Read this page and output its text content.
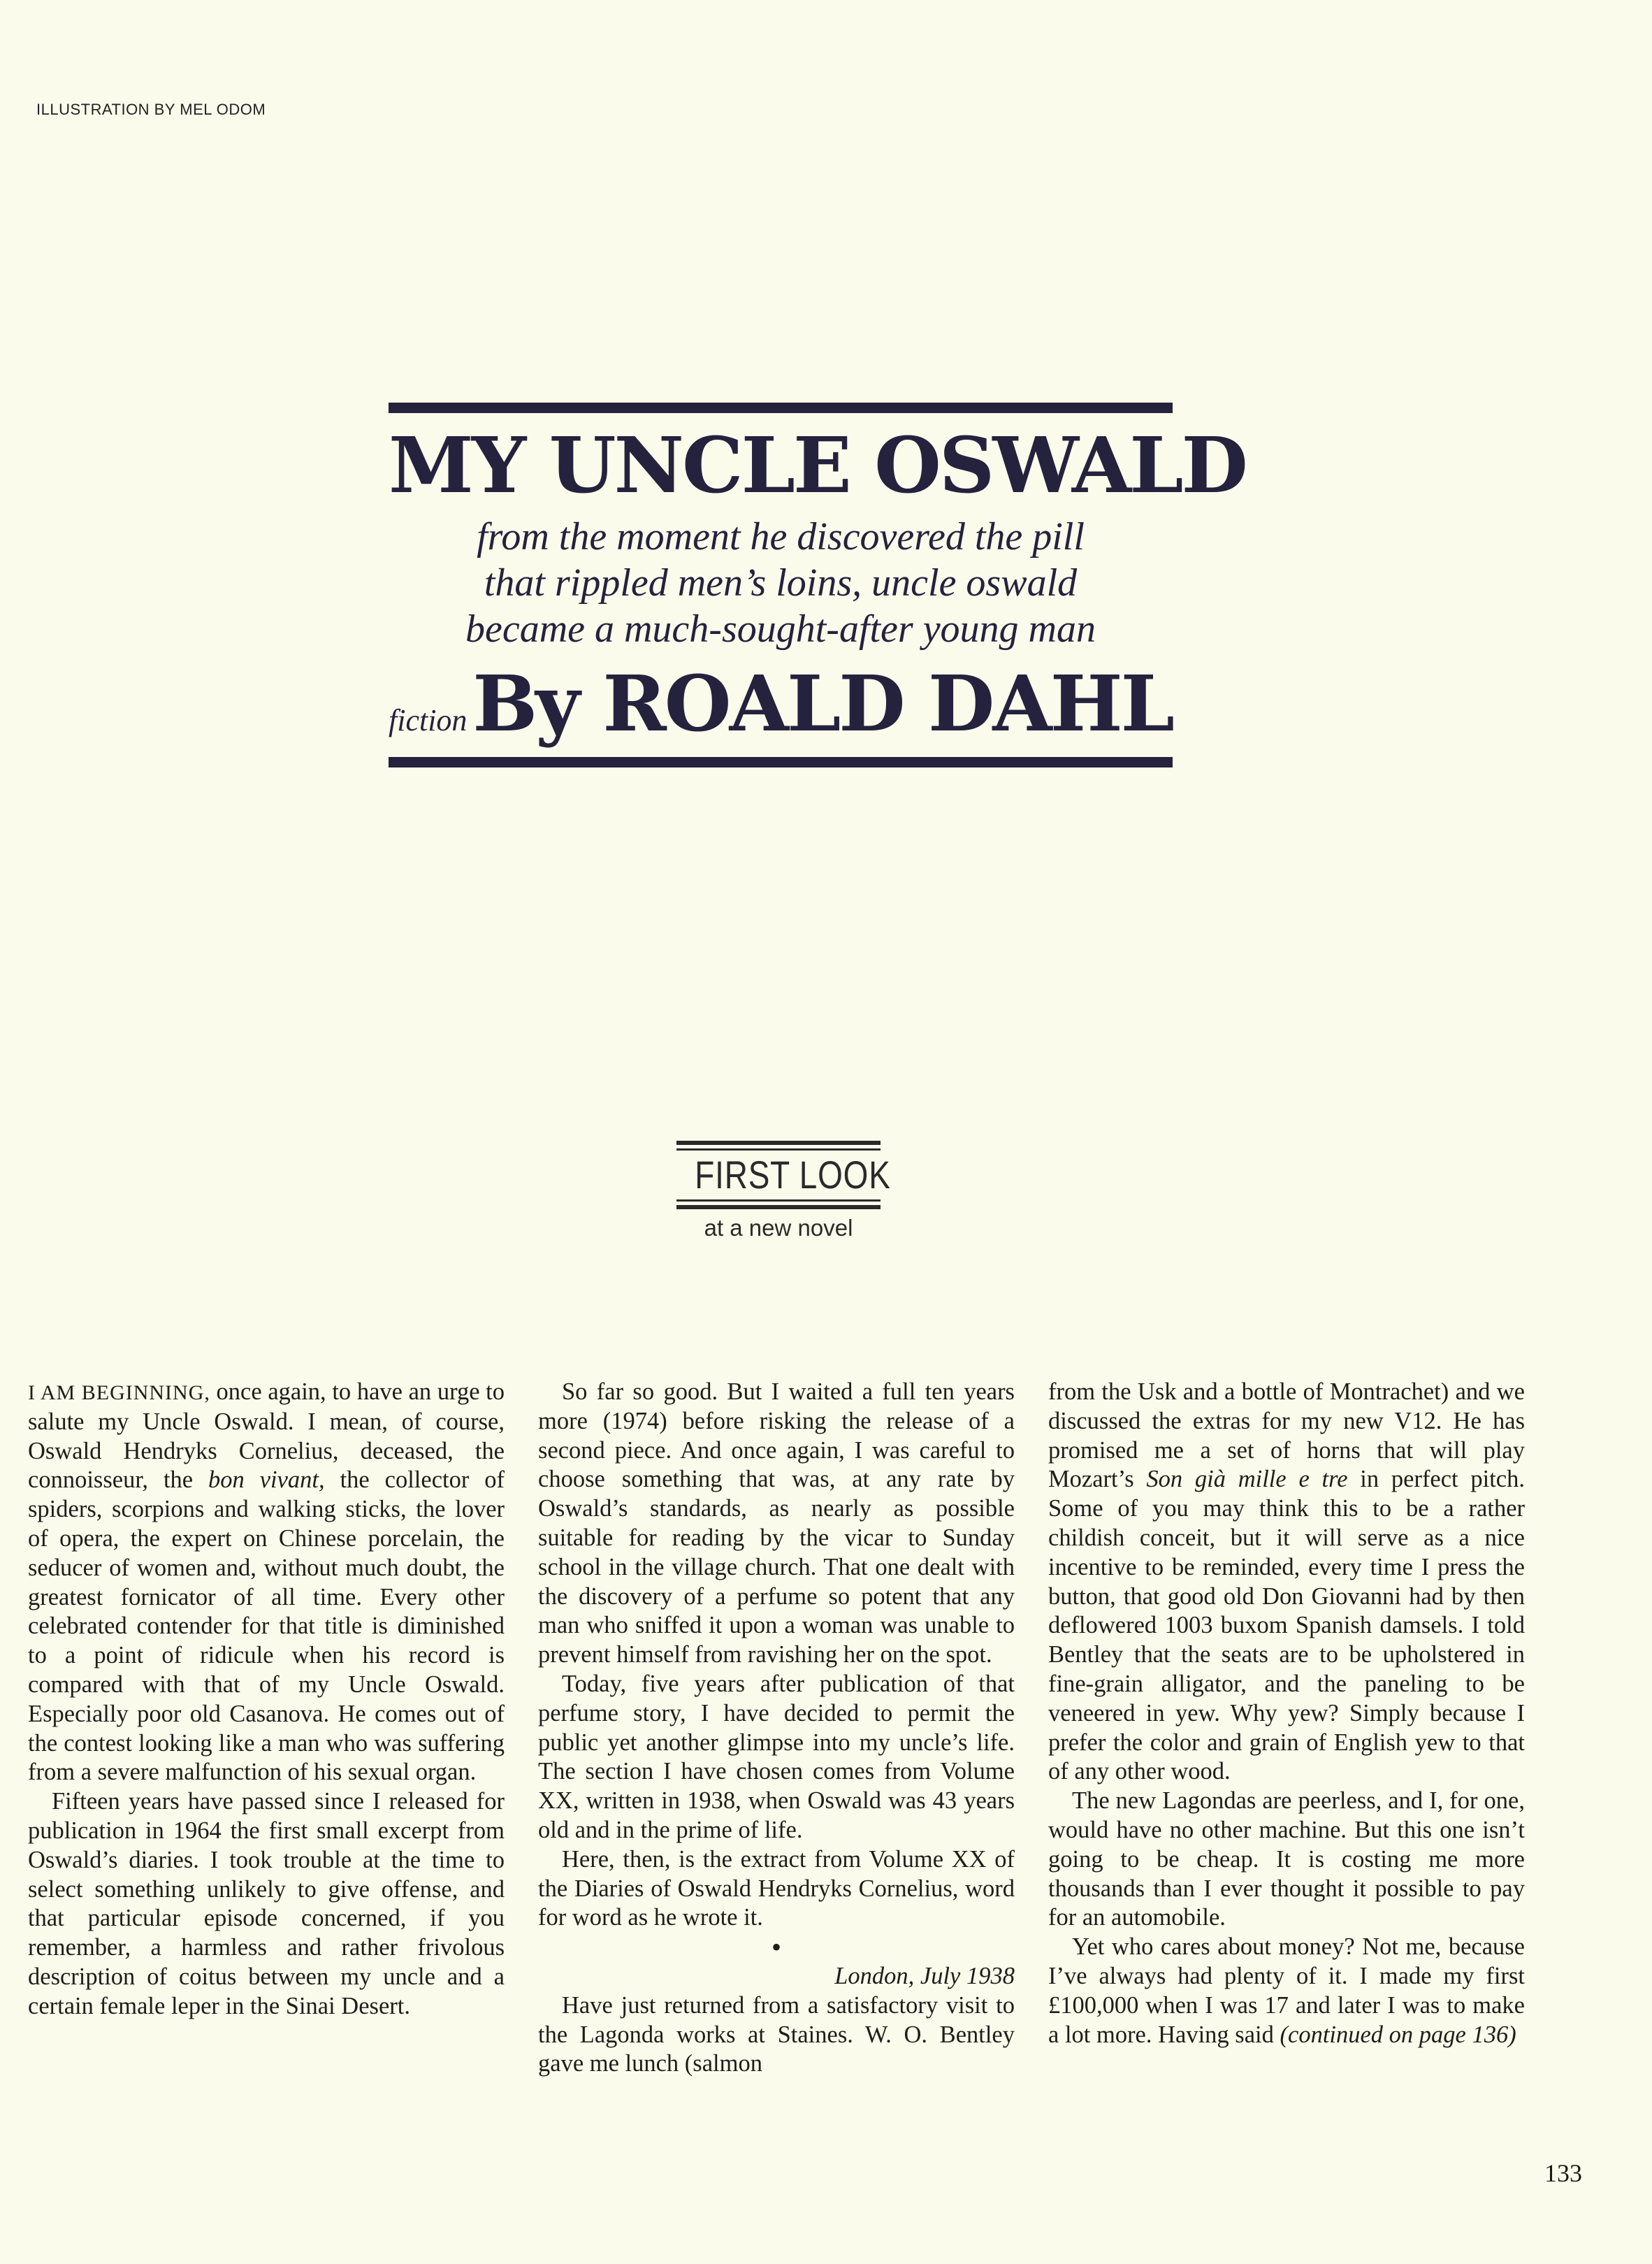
ILLUSTRATION BY MEL ODOM
MY UNCLE OSWALD
from the moment he discovered the pill
that rippled men’s loins, uncle oswald
became a much-sought-after young man
fiction By ROALD DAHL
FIRST LOOK
at a new novel

I AM BEGINNING, once again, to have an urge to salute my Uncle Oswald. I mean, of course, Oswald Hendryks Cornelius, deceased, the connoisseur, the bon vivant, the collector of spiders, scorpions and walking sticks, the lover of opera, the expert on Chinese porcelain, the seducer of women and, without much doubt, the greatest fornicator of all time. Every other celebrated contender for that title is diminished to a point of ridicule when his record is compared with that of my Uncle Oswald. Especially poor old Casanova. He comes out of the contest looking like a man who was suffering from a severe malfunction of his sexual organ.

Fifteen years have passed since I released for publication in 1964 the first small excerpt from Oswald’s diaries. I took trouble at the time to select something unlikely to give offense, and that particular episode concerned, if you remember, a harmless and rather frivolous description of coitus between my uncle and a certain female leper in the Sinai Desert.

So far so good. But I waited a full ten years more (1974) before risking the release of a second piece. And once again, I was careful to choose something that was, at any rate by Oswald’s standards, as nearly as possible suitable for reading by the vicar to Sunday school in the village church. That one dealt with the discovery of a perfume so potent that any man who sniffed it upon a woman was unable to prevent himself from ravishing her on the spot.

Today, five years after publication of that perfume story, I have decided to permit the public yet another glimpse into my uncle’s life. The section I have chosen comes from Volume XX, written in 1938, when Oswald was 43 years old and in the prime of life.

Here, then, is the extract from Volume XX of the Diaries of Oswald Hendryks Cornelius, word for word as he wrote it.

•
London, July 1938

Have just returned from a satisfactory visit to the Lagonda works at Staines. W. O. Bentley gave me lunch (salmon

from the Usk and a bottle of Montrachet) and we discussed the extras for my new V12. He has promised me a set of horns that will play Mozart’s Son già mille e tre in perfect pitch. Some of you may think this to be a rather childish conceit, but it will serve as a nice incentive to be reminded, every time I press the button, that good old Don Giovanni had by then deflowered 1003 buxom Spanish damsels. I told Bentley that the seats are to be upholstered in fine-grain alligator, and the paneling to be veneered in yew. Why yew? Simply because I prefer the color and grain of English yew to that of any other wood.

The new Lagondas are peerless, and I, for one, would have no other machine. But this one isn’t going to be cheap. It is costing me more thousands than I ever thought it possible to pay for an automobile.

Yet who cares about money? Not me, because I’ve always had plenty of it. I made my first £100,000 when I was 17 and later I was to make a lot more. Having said (continued on page 136)

133
